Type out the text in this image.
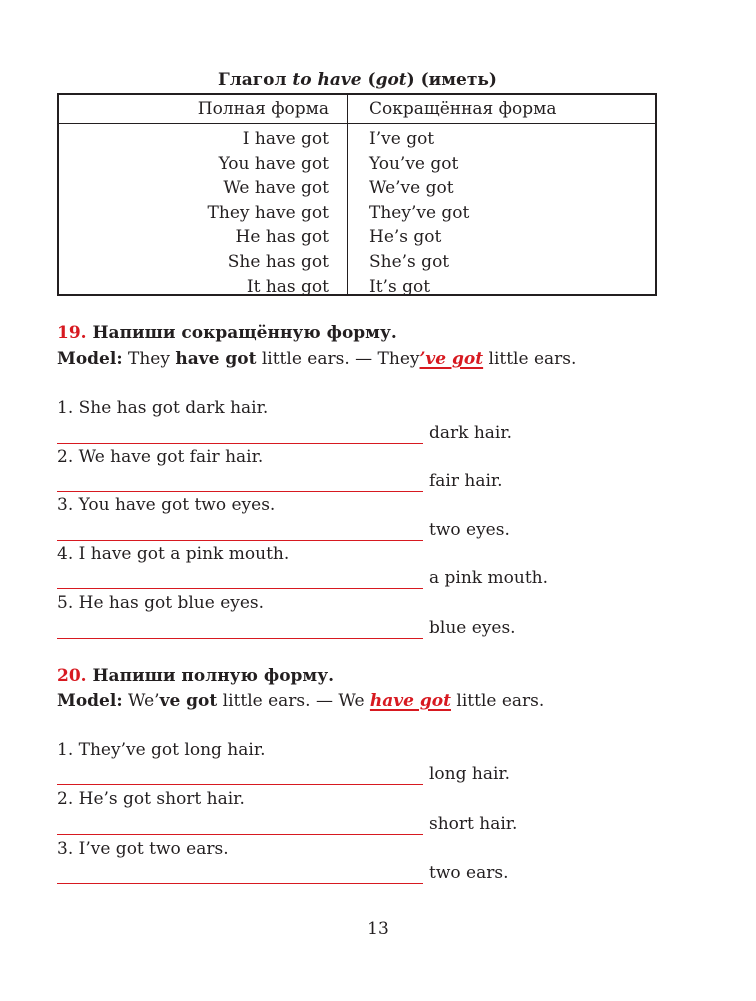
Глагол to have (got) (иметь)
Полная форма Сокращённая форма
I have got
You have got
We have got
They have got
He has got
She has got
It has got
I’ve got
You’ve got
We’ve got
They’ve got
He’s got
She’s got
It’s got
19. Напиши сокращённую форму.
Model: They have got little ears. — They’ve got little ears.
1. She has got dark hair.
dark hair.
2. We have got fair hair.
fair hair.
3. You have got two eyes.
two eyes.
4. I have got a pink mouth.
a pink mouth.
5. He has got blue eyes.
blue eyes.
20. Напиши полную форму.
Model: We’ve got little ears. — We have got little ears.
1. They’ve got long hair.
long hair.
2. He’s got short hair.
short hair.
3. I’ve got two ears.
two ears.
13
